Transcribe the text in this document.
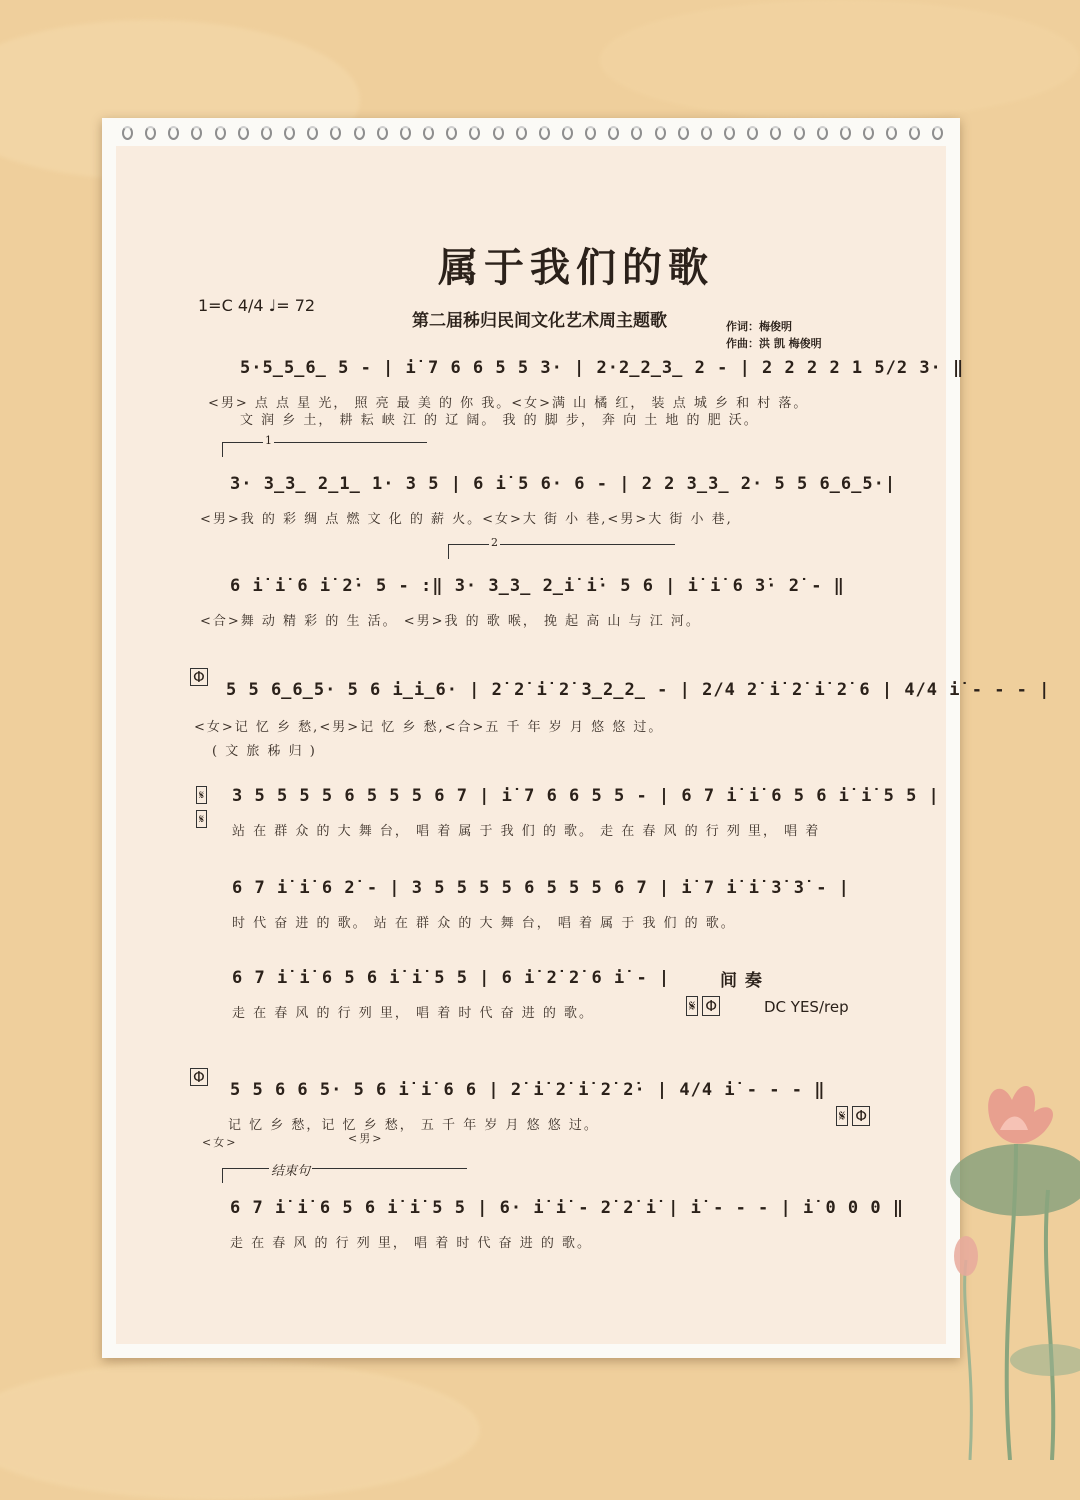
属于我们的歌
1=C 4/4 ♩= 72
第二届秭归民间文化艺术周主题歌	作词：梅俊明
作曲：洪 凯 梅俊明
5·5̲5̲6̲ 5 - | i̇ 7 6 6 5 5 3· | 2·2̲2̲3̲ 2 - | 2 2 2 2 1 5/2 3· ‖
<男> 点 点 星 光， 照 亮 最 美 的 你 我。<女>满 山 橘 红， 装 点 城 乡 和 村 落。
文 润 乡 土， 耕 耘 峡 江 的 辽 阔。 我 的 脚 步， 奔 向 土 地 的 肥 沃。
1
3· 3̲3̲ 2̲1̲ 1· 3 5 | 6 i̇ 5 6· 6 - | 2 2 3̲3̲ 2· 5 5 6̲6̲5·|
<男>我 的 彩 绸 点 燃 文 化 的 薪 火。<女>大 街 小 巷,<男>大 街 小 巷,
2
6 i̇ i̇ 6 i̇ 2̇· 5 - :‖ 3· 3̲3̲ 2̲i̇ i̇· 5 6 | i̇ i̇ 6 3̇· 2̇ - ‖
<合>舞 动 精 彩 的 生 活。 <男>我 的 歌 喉， 挽 起 高 山 与 江 河。
Φ
5 5 6̲6̲5· 5 6 i̲i̲6· | 2̇ 2̇ i̇ 2̇ 3̲2̲2̲ - | 2/4 2̇ i̇ 2̇ i̇ 2̇ 6 | 4/4 i̇ - - - |
<女>记 忆 乡 愁,<男>记 忆 乡 愁,<合>五 千 年 岁 月 悠 悠 过。
( 文 旅 秭 归 )
𝄋
𝄋
3 5 5 5 5 6 5 5 5 6 7 | i̇ 7 6 6 5 5 - | 6 7 i̇ i̇ 6 5 6 i̇ i̇ 5 5 |
站 在 群 众 的 大 舞 台， 唱 着 属 于 我 们 的 歌。 走 在 春 风 的 行 列 里， 唱 着
6 7 i̇ i̇ 6 2̇ - | 3 5 5 5 5 6 5 5 5 6 7 | i̇ 7 i̇ i̇ 3̇ 3̇ - |
时 代 奋 进 的 歌。 站 在 群 众 的 大 舞 台， 唱 着 属 于 我 们 的 歌。
6 7 i̇ i̇ 6 5 6 i̇ i̇ 5 5 | 6 i̇ 2̇ 2̇ 6 i̇ - |	间 奏
走 在 春 风 的 行 列 里， 唱 着 时 代 奋 进 的 歌。	𝄋 Φ	DC YES/rep
Φ
5 5 6 6 5· 5 6 i̇ i̇ 6 6 | 2̇ i̇ 2̇ i̇ 2̇ 2̇· | 4/4 i̇ - - - ‖
记 忆 乡 愁，记 忆 乡 愁， 五 千 年 岁 月 悠 悠 过。
<女>	<男>
𝄋 Φ
结束句
6 7 i̇ i̇ 6 5 6 i̇ i̇ 5 5 | 6· i̇ i̇ - 2̇ 2̇ i̇ | i̇ - - - | i̇ 0 0 0 ‖
走 在 春 风 的 行 列 里， 唱 着 时 代 奋 进 的 歌。
